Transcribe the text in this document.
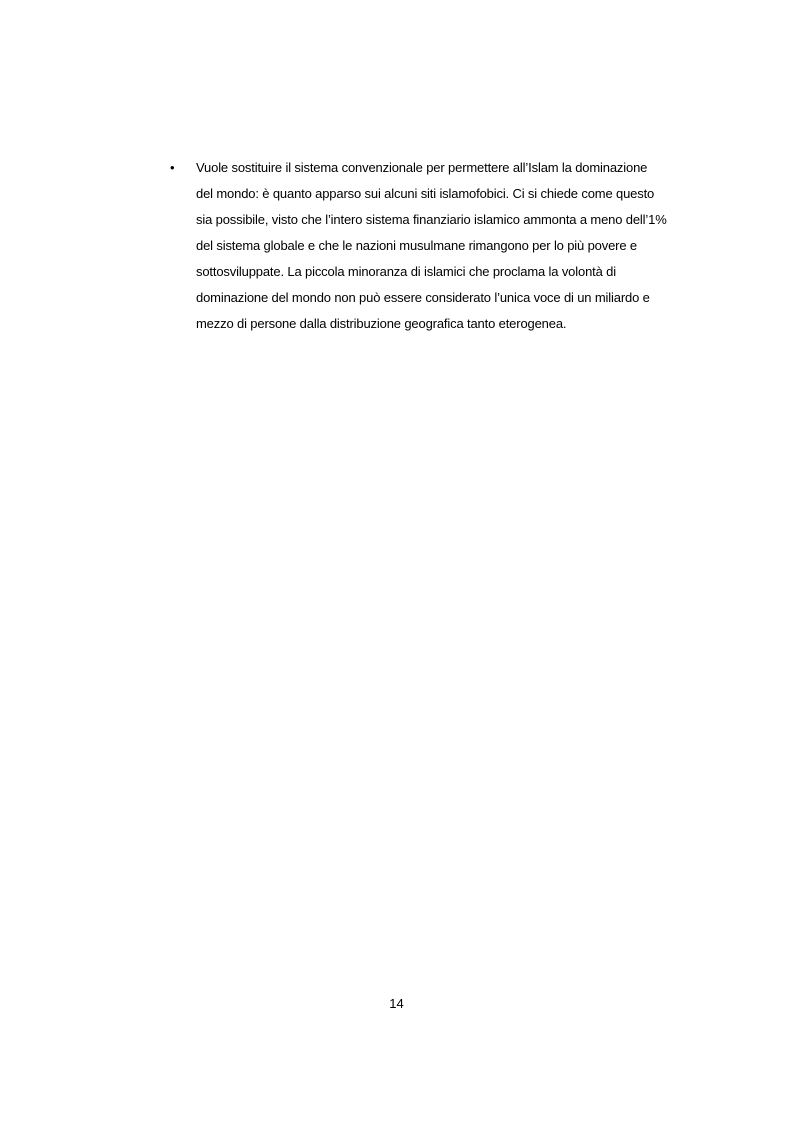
•	Vuole sostituire il sistema convenzionale per permettere all’Islam la dominazione
del mondo: è quanto apparso sui alcuni siti islamofobici. Ci si chiede come questo
sia possibile, visto che l’intero sistema finanziario islamico ammonta a meno dell’1%
del sistema globale e che le nazioni musulmane rimangono per lo più povere e
sottosviluppate. La piccola minoranza di islamici che proclama la volontà di
dominazione del mondo non può essere considerato l’unica voce di un miliardo e
mezzo di persone dalla distribuzione geografica tanto eterogenea.
14
